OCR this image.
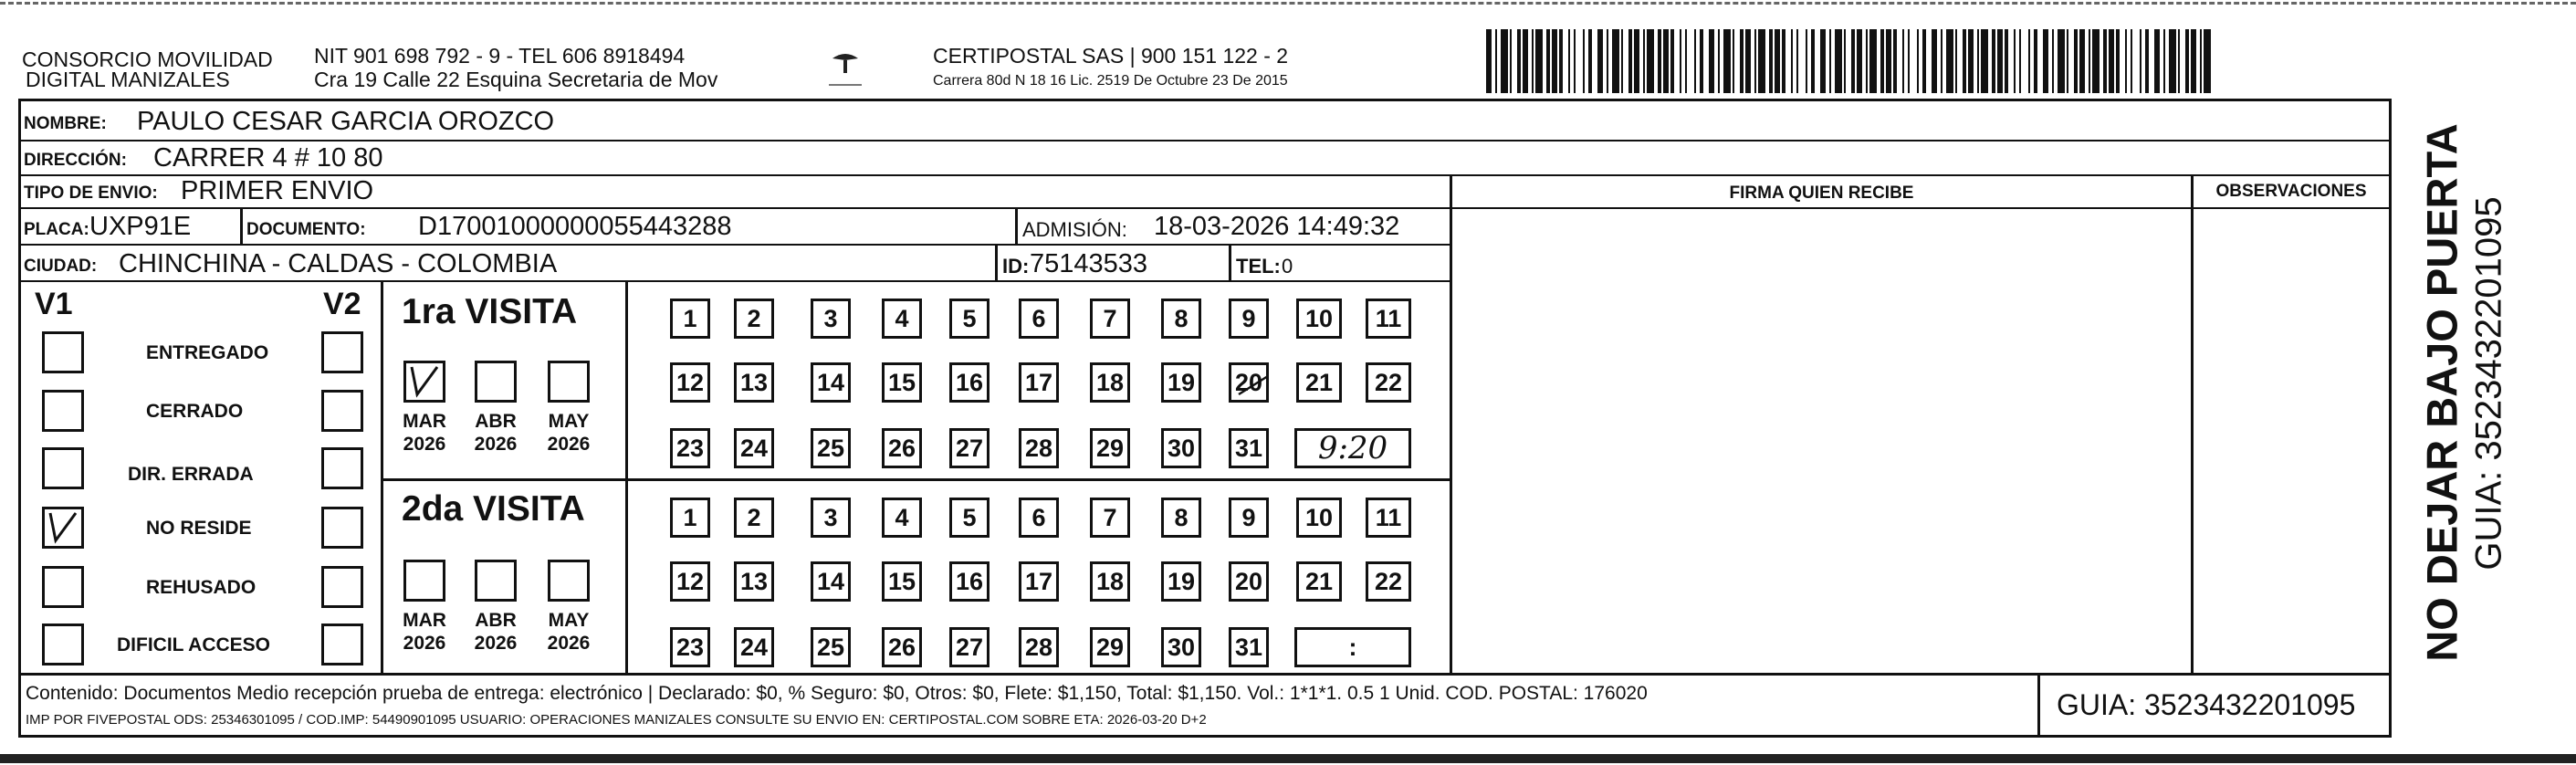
CONSORCIO MOVILIDAD
DIGITAL MANIZALES
NIT 901 698 792 - 9 - TEL 606 8918494
Cra 19 Calle 22 Esquina Secretaria de Mov
CERTIPOSTAL SAS | 900 151 122 - 2
Carrera 80d N 18 16 Lic. 2519 De Octubre 23 De 2015
NOMBRE: PAULO CESAR GARCIA OROZCO
DIRECCIÓN: CARRER 4 # 10 80
TIPO DE ENVIO: PRIMER ENVIO	FIRMA QUIEN RECIBE	OBSERVACIONES
PLACA: UXP91E	DOCUMENTO: D17001000000055443288	ADMISIÓN: 18-03-2026 14:49:32
CIUDAD: CHINCHINA - CALDAS - COLOMBIA	ID: 75143533	TEL: 0
V1	V2
ENTREGADO
CERRADO
DIR. ERRADA
NO RESIDE
REHUSADO
DIFICIL ACCESO
1ra VISITA
MAR
2026
ABR
2026
MAY
2026
1 2	3 4 5 6 7 8 9 10 11
12 13 14 15 16 17 18 19 20 21 22
23 24 25 26 27 28 29 30 31 9:20
2da VISITA
MAR
2026
ABR
2026
MAY
2026
1 2	3 4 5 6 7 8 9 10 11
12 13 14 15 16 17 18 19 20 21 22
23 24 25 26 27 28 29 30 31	:
Contenido: Documentos Medio recepción prueba de entrega: electrónico | Declarado: $0, % Seguro: $0, Otros: $0, Flete: $1,150, Total: $1,150. Vol.: 1*1*1. 0.5 1 Unid. COD. POSTAL: 176020
IMP POR FIVEPOSTAL ODS: 25346301095 / COD.IMP: 54490901095 USUARIO: OPERACIONES MANIZALES CONSULTE SU ENVIO EN: CERTIPOSTAL.COM SOBRE ETA: 2026-03-20 D+2	GUIA: 3523432201095
NO DEJAR BAJO PUERTA GUIA: 3523432201095
